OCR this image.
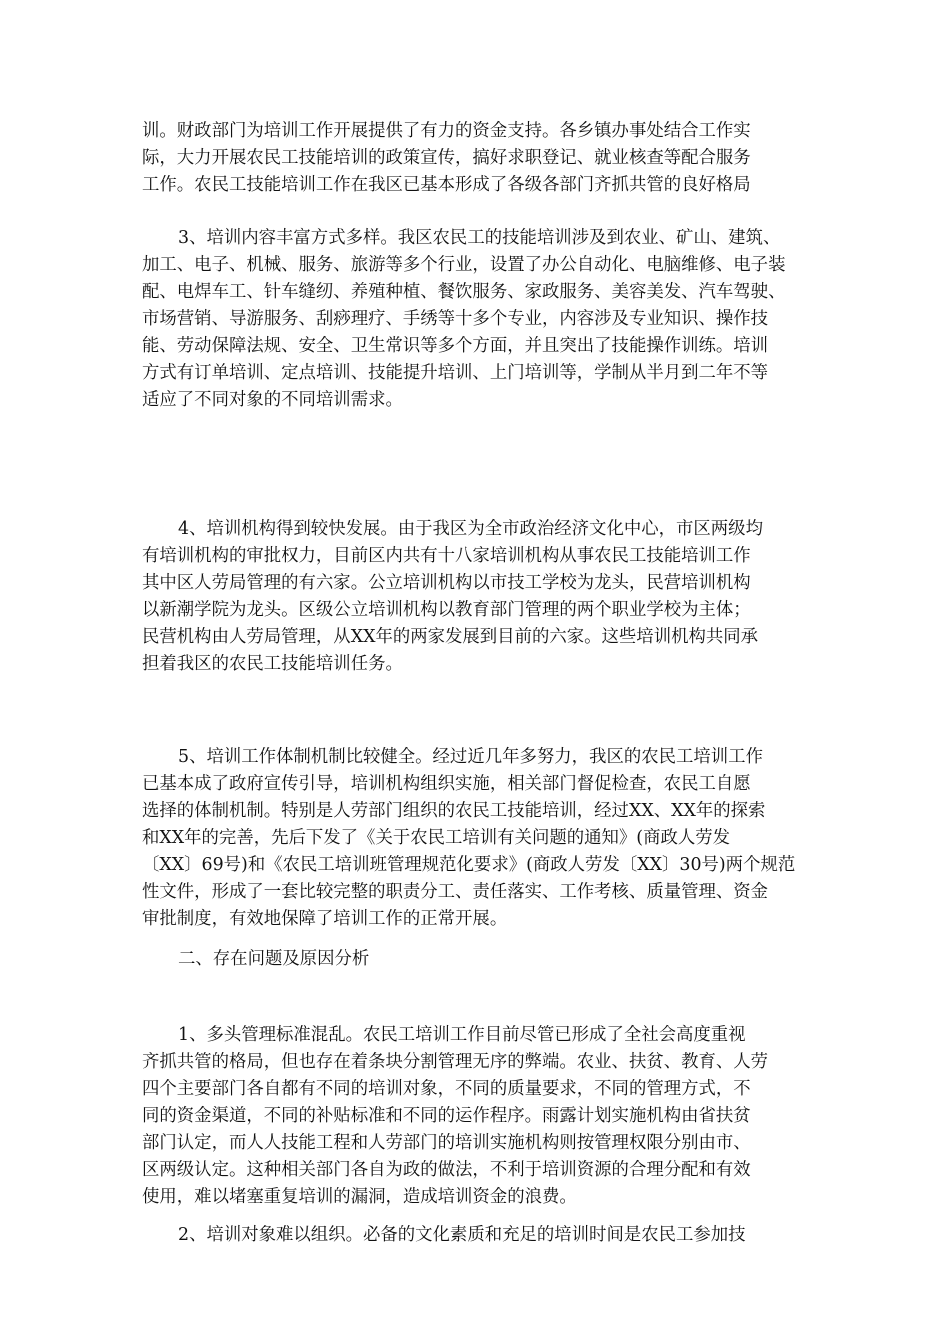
训。财政部门为培训工作开展提供了有力的资金支持。各乡镇办事处结合工作实
际，大力开展农民工技能培训的政策宣传，搞好求职登记、就业核查等配合服务
工作。农民工技能培训工作在我区已基本形成了各级各部门齐抓共管的良好格局
3、培训内容丰富方式多样。我区农民工的技能培训涉及到农业、矿山、建筑、
加工、电子、机械、服务、旅游等多个行业，设置了办公自动化、电脑维修、电子装
配、电焊车工、针车缝纫、养殖种植、餐饮服务、家政服务、美容美发、汽车驾驶、
市场营销、导游服务、刮痧理疗、手绣等十多个专业，内容涉及专业知识、操作技
能、劳动保障法规、安全、卫生常识等多个方面，并且突出了技能操作训练。培训
方式有订单培训、定点培训、技能提升培训、上门培训等，学制从半月到二年不等
适应了不同对象的不同培训需求。
4、培训机构得到较快发展。由于我区为全市政治经济文化中心，市区两级均
有培训机构的审批权力，目前区内共有十八家培训机构从事农民工技能培训工作
其中区人劳局管理的有六家。公立培训机构以市技工学校为龙头，民营培训机构
以新潮学院为龙头。区级公立培训机构以教育部门管理的两个职业学校为主体；
民营机构由人劳局管理，从XX年的两家发展到目前的六家。这些培训机构共同承
担着我区的农民工技能培训任务。
5、培训工作体制机制比较健全。经过近几年多努力，我区的农民工培训工作
已基本成了政府宣传引导，培训机构组织实施，相关部门督促检查，农民工自愿
选择的体制机制。特别是人劳部门组织的农民工技能培训，经过XX、XX年的探索
和XX年的完善，先后下发了《关于农民工培训有关问题的通知》(商政人劳发
〔XX〕69号)和《农民工培训班管理规范化要求》(商政人劳发〔XX〕30号)两个规范
性文件，形成了一套比较完整的职责分工、责任落实、工作考核、质量管理、资金
审批制度，有效地保障了培训工作的正常开展。
二、存在问题及原因分析
1、多头管理标准混乱。农民工培训工作目前尽管已形成了全社会高度重视
齐抓共管的格局，但也存在着条块分割管理无序的弊端。农业、扶贫、教育、人劳
四个主要部门各自都有不同的培训对象，不同的质量要求，不同的管理方式，不
同的资金渠道，不同的补贴标准和不同的运作程序。雨露计划实施机构由省扶贫
部门认定，而人人技能工程和人劳部门的培训实施机构则按管理权限分别由市、
区两级认定。这种相关部门各自为政的做法，不利于培训资源的合理分配和有效
使用，难以堵塞重复培训的漏洞，造成培训资金的浪费。
2、培训对象难以组织。必备的文化素质和充足的培训时间是农民工参加技
